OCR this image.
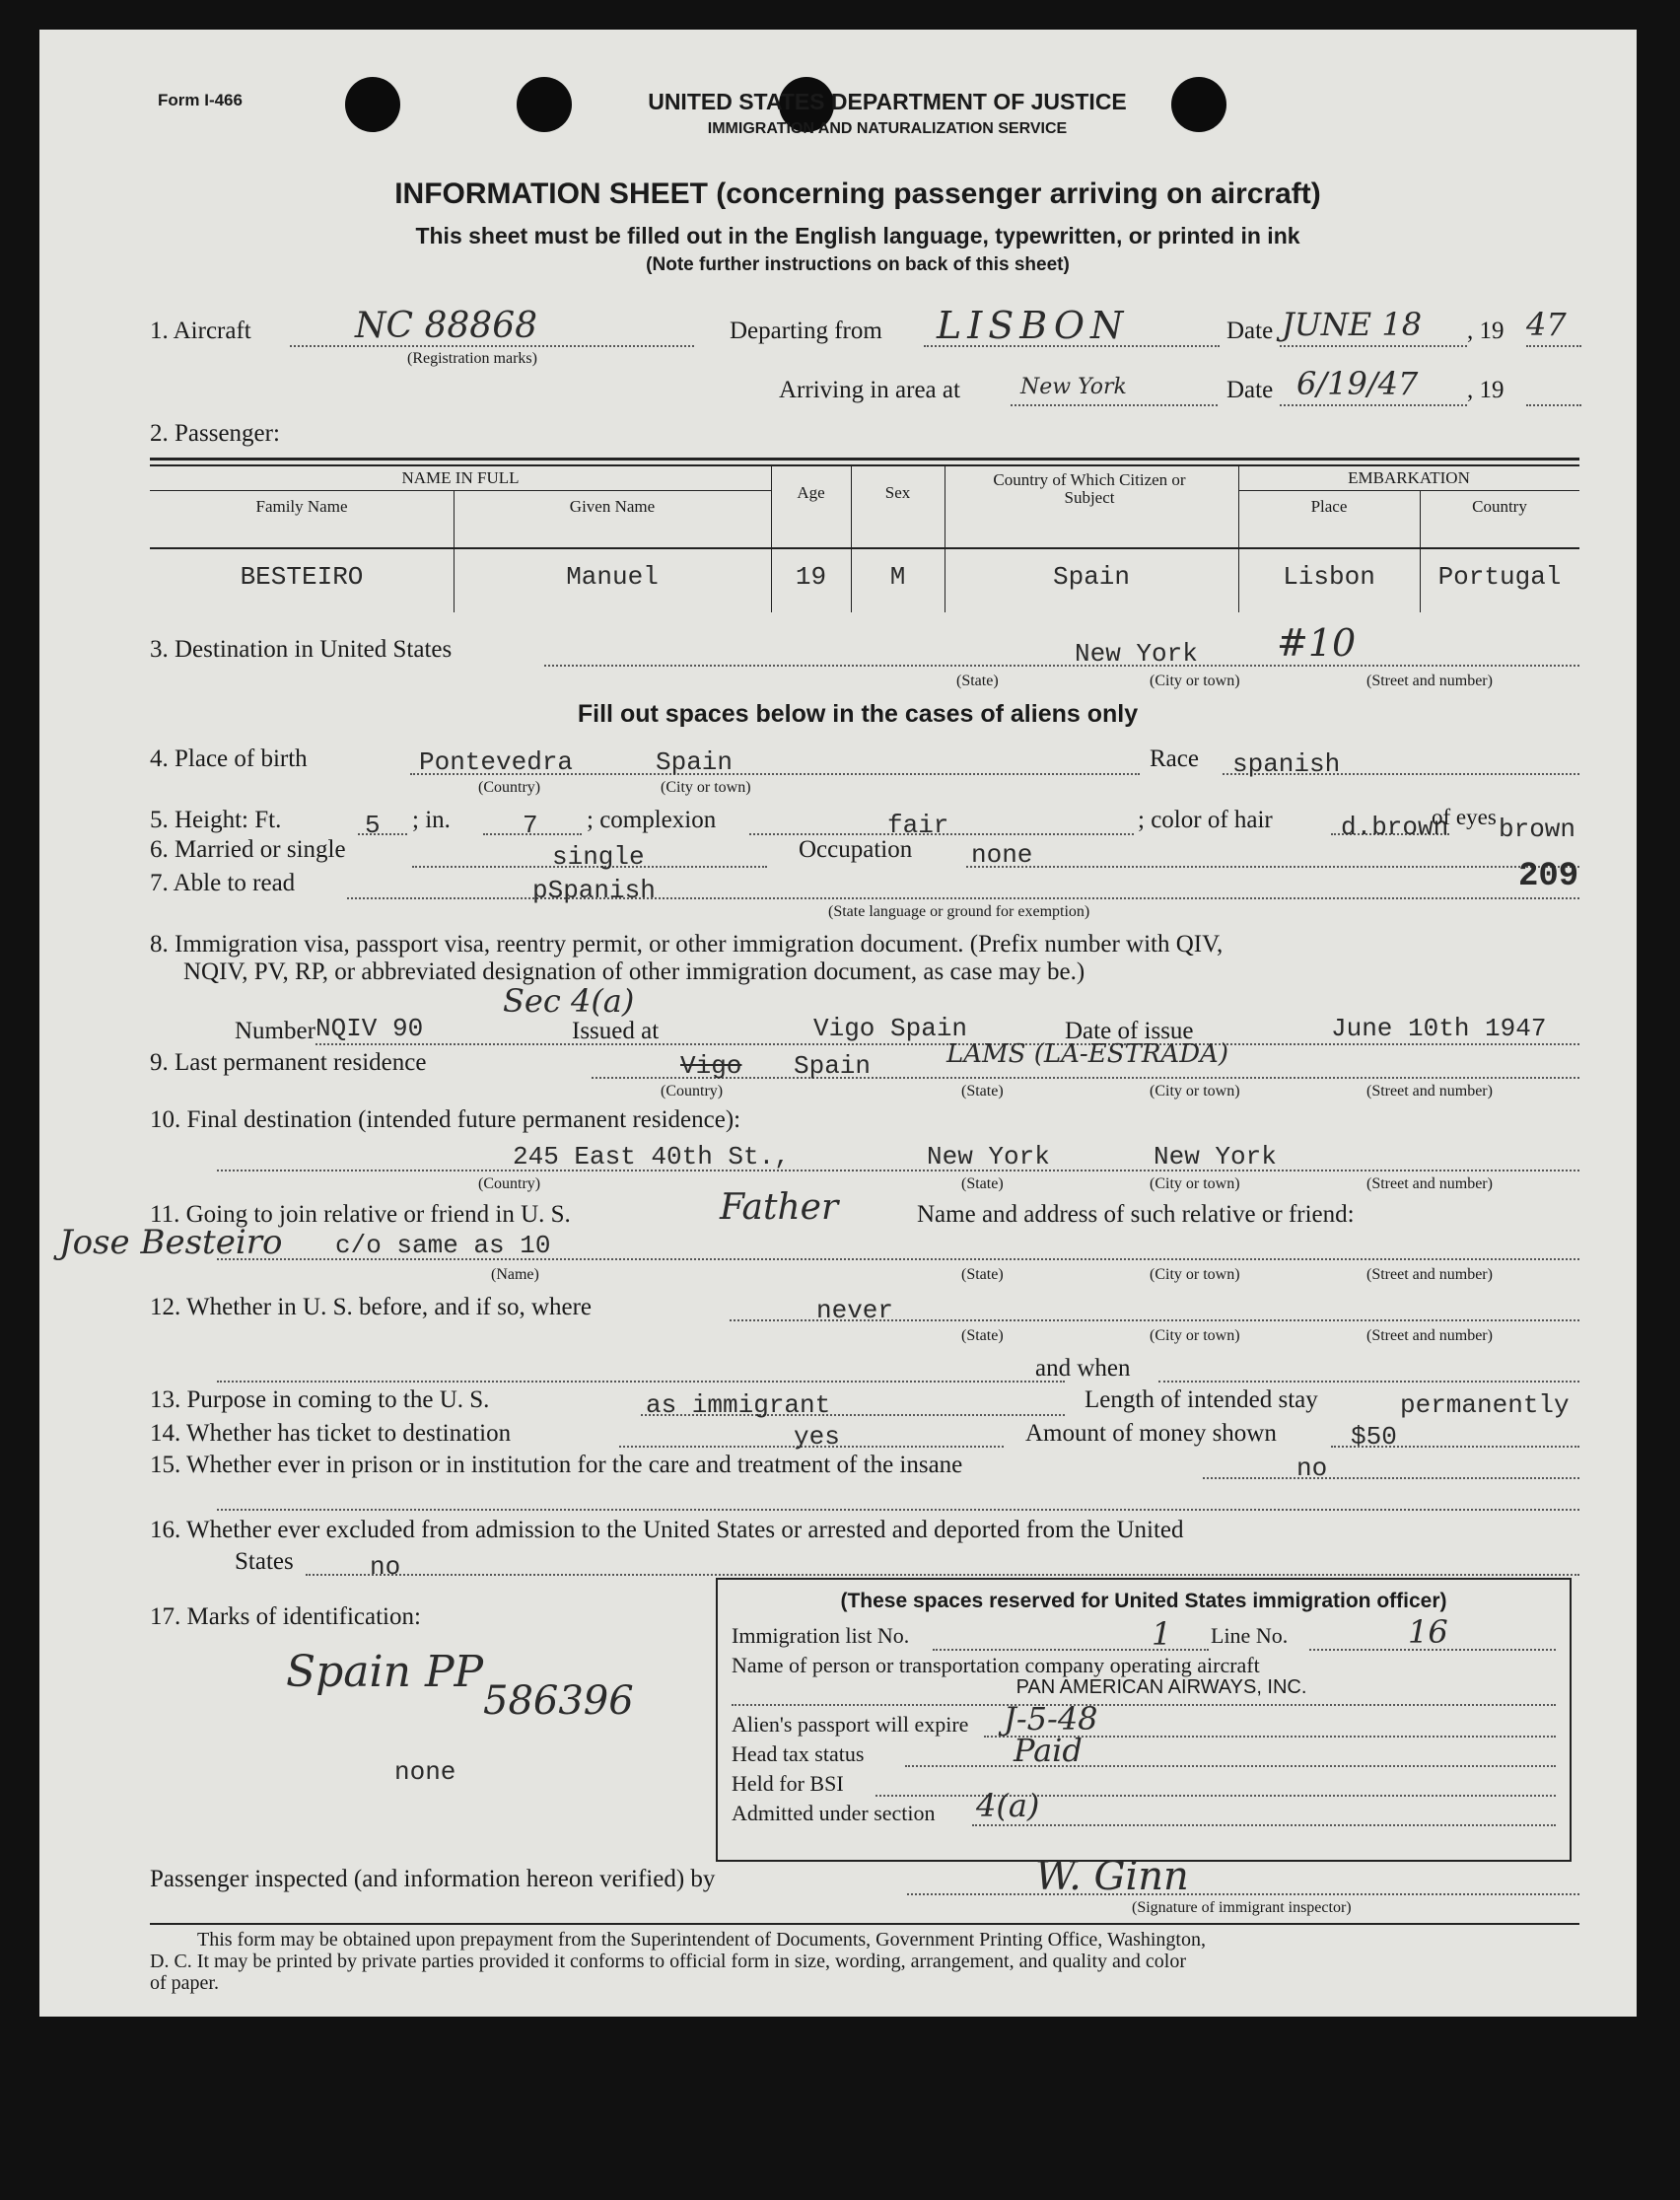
Form I-466	UNITED STATES DEPARTMENT OF JUSTICE
IMMIGRATION AND NATURALIZATION SERVICE
INFORMATION SHEET (concerning passenger arriving on aircraft)
This sheet must be filled out in the English language, typewritten, or printed in ink
(Note further instructions on back of this sheet)
1. Aircraft	NC 88868
(Registration marks)
Departing from LISBON	Date JUNE 18 , 19 47
Arriving in area at	New York	Date 6/19/47 , 19
2. Passenger:
NAME IN FULL
Family Name	Given Name
Age	Sex
Country of Which Citizen or Subject
EMBARKATION
Place	Country
BESTEIRO	Manuel	19	M	Spain	Lisbon	Portugal
3. Destination in United States	New York #10
(State)	(City or town)	(Street and number)
Fill out spaces below in the cases of aliens only
4. Place of birth	Pontevedra	Spain
(Country)	(City or town)
Race spanish
5. Height: Ft.	5 ; in.	7 ; complexion	fair	; color of hair	d.brown
of eyes brown
6. Married or single	single	Occupation none
7. Able to read	pSpanish	209
(State language or ground for exemption)
8. Immigration visa, passport visa, reentry permit, or other immigration document. (Prefix number with QIV,
NQIV, PV, RP, or abbreviated designation of other immigration document, as case may be.)
Number NQIV 90
Sec 4(a)
Issued at	Vigo Spain	Date of issue	June 10th 1947
9. Last permanent residence	Vigo Spain	LAMS (LA-ESTRADA)
(Country)	(State)	(City or town)	(Street and number)
10. Final destination (intended future permanent residence):
245 East 40th St.,	New York	New York
(Country)	(State)	(City or town)	(Street and number)
11. Going to join relative or friend in U. S.	Father	Name and address of such relative or friend:
Jose Besteiro c/o same as 10
(Name)	(State)	(City or town)	(Street and number)
12. Whether in U. S. before, and if so, where	never
(State)	(City or town)	(Street and number)
and when
13. Purpose in coming to the U. S.	as immigrant	Length of intended stay	permanently
14. Whether has ticket to destination	yes	Amount of money shown	$50
15. Whether ever in prison or in institution for the care and treatment of the insane	no
16. Whether ever excluded from admission to the United States or arrested and deported from the United
States	no
17. Marks of identification:
Spain PP
586396
none
(These spaces reserved for United States immigration officer)
Immigration list No.	1 Line No.	16
Name of person or transportation company operating aircraft
PAN AMERICAN AIRWAYS, INC.
Alien's passport will expire J-5-48
Head tax status	Paid
Held for BSI
Admitted under section 4(a)
Passenger inspected (and information hereon verified) by	W. Ginn
(Signature of immigrant inspector)
This form may be obtained upon prepayment from the Superintendent of Documents, Government Printing Office, Washington,
D. C. It may be printed by private parties provided it conforms to official form in size, wording, arrangement, and quality and color
of paper.
